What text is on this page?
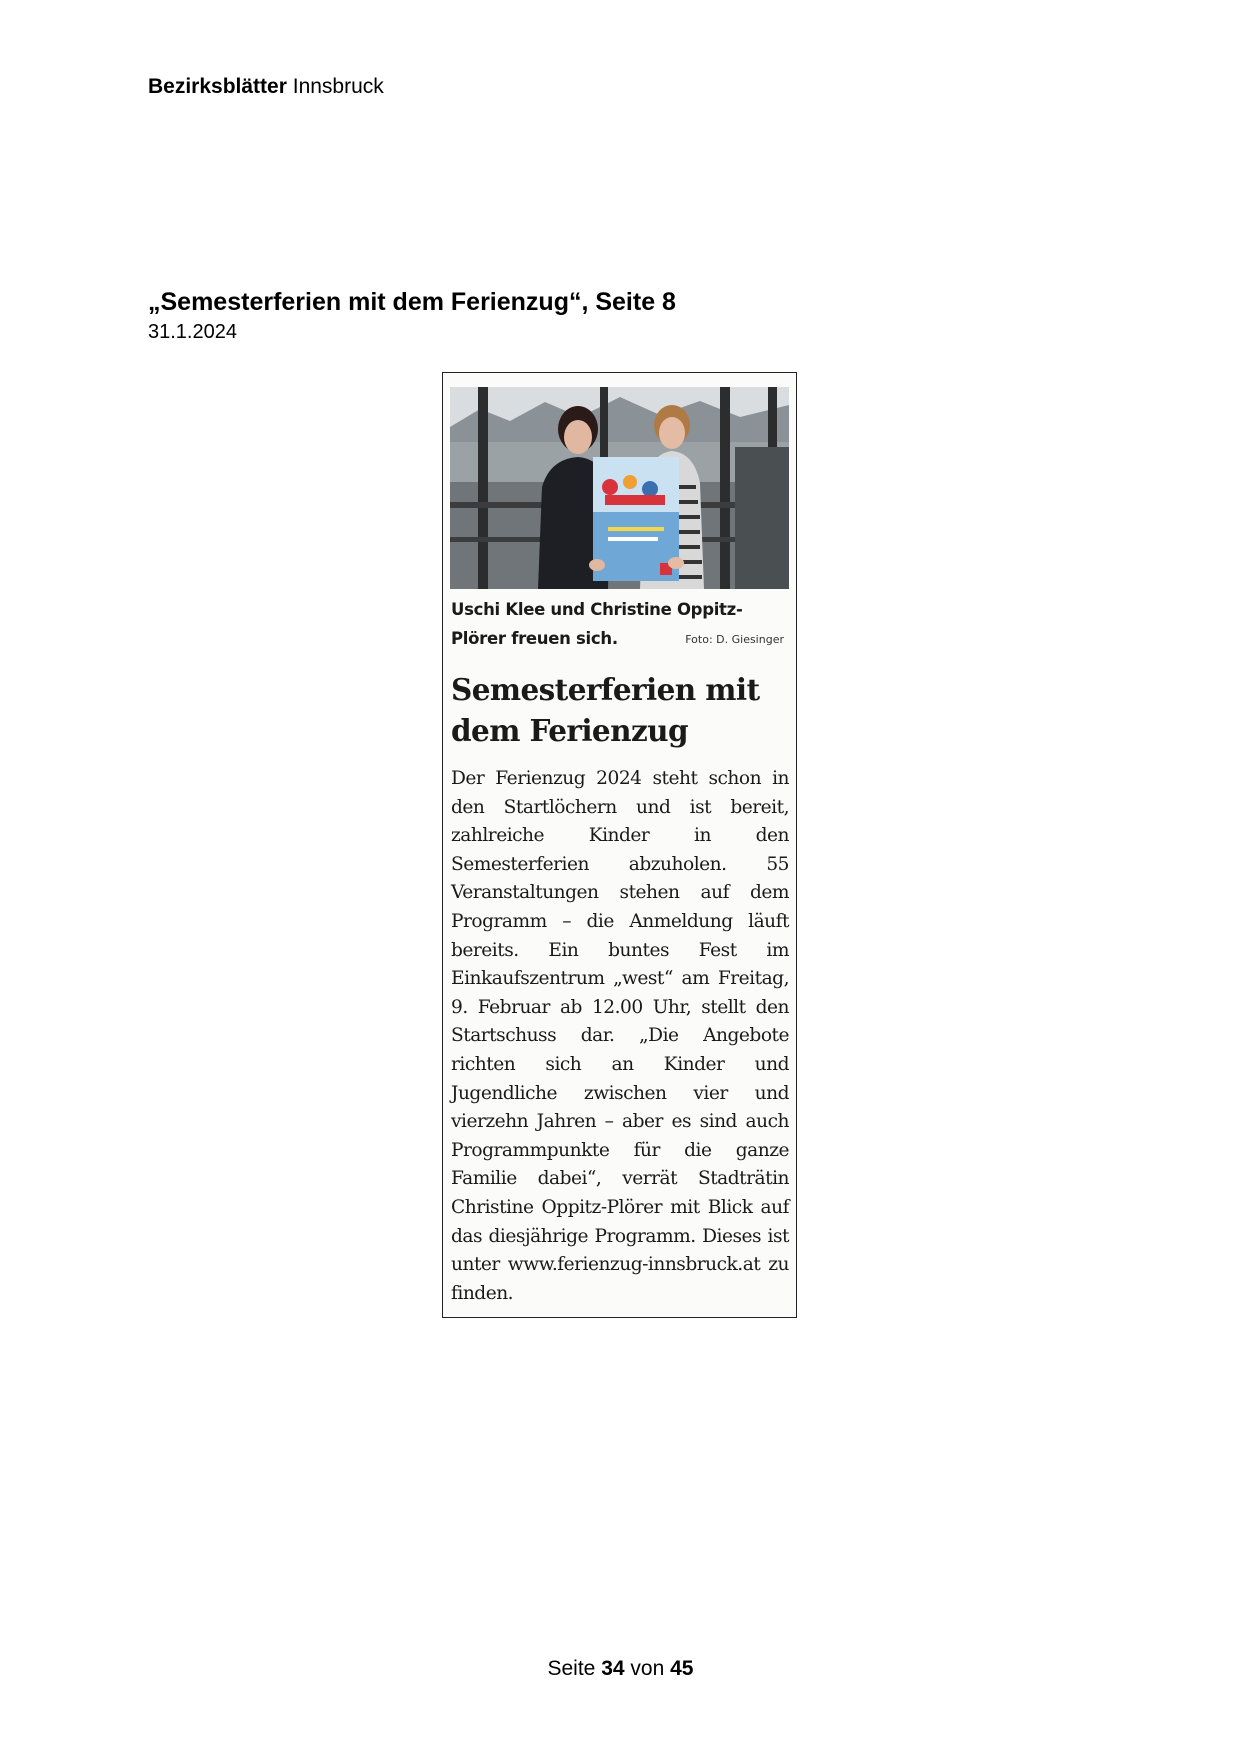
Bezirksblätter Innsbruck
„Semesterferien mit dem Ferienzug“, Seite 8
31.1.2024
Uschi Klee und Christine Oppitz-Plörer freuen sich.	Foto: D. Giesinger
Semesterferien mit dem Ferienzug
Der Ferienzug 2024 steht schon in den Startlöchern und ist bereit, zahlreiche Kinder in den Semesterferien abzuholen. 55 Veranstaltungen stehen auf dem Programm – die Anmeldung läuft bereits. Ein buntes Fest im Einkaufszentrum „west“ am Freitag, 9. Februar ab 12.00 Uhr, stellt den Startschuss dar. „Die Angebote richten sich an Kinder und Jugendliche zwischen vier und vierzehn Jahren – aber es sind auch Programmpunkte für die ganze Familie dabei“, verrät Stadträtin Christine Oppitz-Plörer mit Blick auf das diesjährige Programm. Dieses ist unter www.​ferienzug-innsbruck.at zu finden.
Seite 34 von 45
